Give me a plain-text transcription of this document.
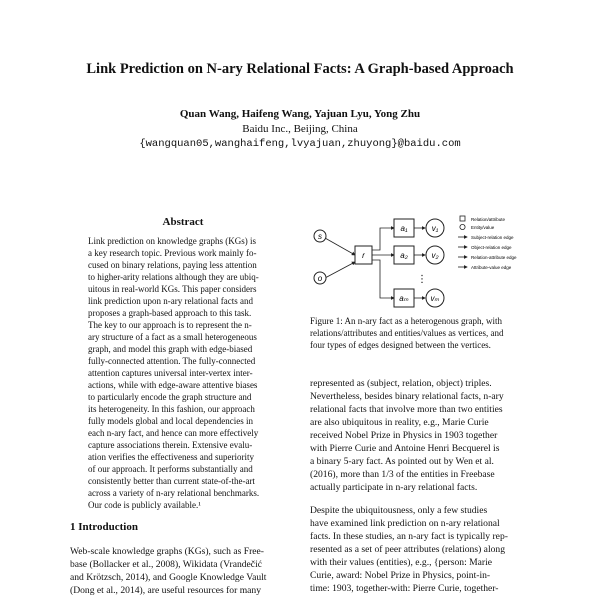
Link Prediction on N-ary Relational Facts: A Graph-based Approach
Quan Wang, Haifeng Wang, Yajuan Lyu, Yong Zhu
Baidu Inc., Beijing, China
{wangquan05,wanghaifeng,lvyajuan,zhuyong}@baidu.com
Abstract
Link prediction on knowledge graphs (KGs) is
a key research topic. Previous work mainly fo-
cused on binary relations, paying less attention
to higher-arity relations although they are ubiq-
uitous in real-world KGs. This paper considers
link prediction upon n-ary relational facts and
proposes a graph-based approach to this task.
The key to our approach is to represent the n-
ary structure of a fact as a small heterogeneous
graph, and model this graph with edge-biased
fully-connected attention. The fully-connected
attention captures universal inter-vertex inter-
actions, while with edge-aware attentive biases
to particularly encode the graph structure and
its heterogeneity. In this fashion, our approach
fully models global and local dependencies in
each n-ary fact, and hence can more effectively
capture associations therein. Extensive evalu-
ation verifies the effectiveness and superiority
of our approach. It performs substantially and
consistently better than current state-of-the-art
across a variety of n-ary relational benchmarks.
Our code is publicly available.¹
1 Introduction
Web-scale knowledge graphs (KGs), such as Free-
base (Bollacker et al., 2008), Wikidata (Vrandečić
and Krötzsch, 2014), and Google Knowledge Vault
(Dong et al., 2014), are useful resources for many
s
o
r
a₁
a₂
aₘ
v₁
v₂
vₘ
⋮
Relation/attribute
Entity/value
Subject-relation edge
Object-relation edge
Relation-attribute edge
Attribute-value edge
Figure 1: An n-ary fact as a heterogenous graph, with
relations/attributes and entities/values as vertices, and
four types of edges designed between the vertices.
represented as (subject, relation, object) triples.
Nevertheless, besides binary relational facts, n-ary
relational facts that involve more than two entities
are also ubiquitous in reality, e.g., Marie Curie
received Nobel Prize in Physics in 1903 together
with Pierre Curie and Antoine Henri Becquerel is
a binary 5-ary fact. As pointed out by Wen et al.
(2016), more than 1/3 of the entities in Freebase
actually participate in n-ary relational facts.
Despite the ubiquitousness, only a few studies
have examined link prediction on n-ary relational
facts. In these studies, an n-ary fact is typically rep-
resented as a set of peer attributes (relations) along
with their values (entities), e.g., {person: Marie
Curie, award: Nobel Prize in Physics, point-in-
time: 1903, together-with: Pierre Curie, together-
